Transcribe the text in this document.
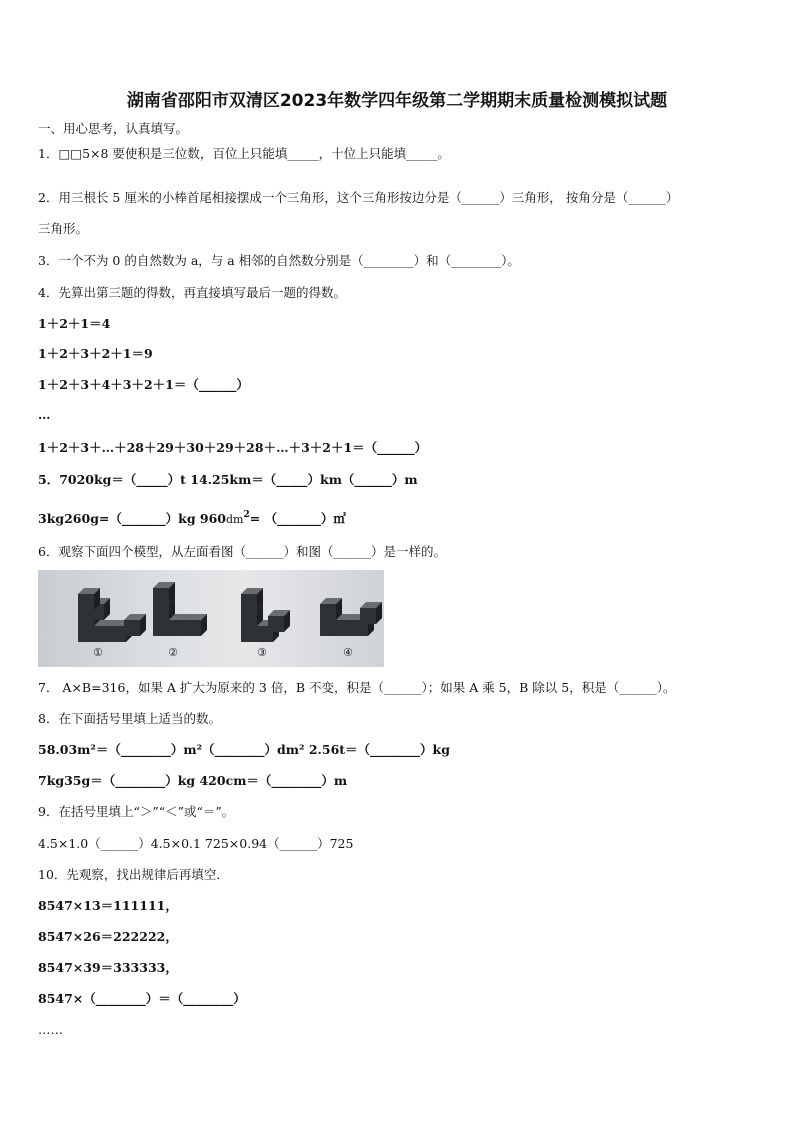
湖南省邵阳市双清区2023年数学四年级第二学期期末质量检测模拟试题
一、用心思考，认真填写。
1．□□5×8 要使积是三位数，百位上只能填_____，十位上只能填_____。
2．用三根长 5 厘米的小棒首尾相接摆成一个三角形，这个三角形按边分是（______）三角形， 按角分是（______）
三角形。
3．一个不为 0 的自然数为 a，与 a 相邻的自然数分别是（________）和（________）。
4．先算出第三题的得数，再直接填写最后一题的得数。
1＋2＋1＝4
1＋2＋3＋2＋1＝9
1＋2＋3＋4＋3＋2＋1＝（______）
…
1＋2＋3＋…＋28＋29＋30＋29＋28＋…＋3＋2＋1＝（______）
5．7020kg＝（_____）t 14.25km＝（_____）km（______）m
3kg260g=（_______）kg $960dm^2=$ （_______）㎡
6．观察下面四个模型，从左面看图（______）和图（______）是一样的。
①	②	③	④
7． A×B=316，如果 A 扩大为原来的 3 倍，B 不变，积是（______）；如果 A 乘 5，B 除以 5，积是（______）。
8．在下面括号里填上适当的数。
58.03m²＝（________）m²（________）dm² 2.56t＝（________）kg
7kg35g＝（________）kg 420cm＝（________）m
9．在括号里填上“＞”“＜”或“＝”。
4.5×1.0（______）4.5×0.1 725×0.94（______）725
10．先观察，找出规律后再填空．
8547×13＝111111，
8547×26＝222222，
8547×39＝333333，
8547×（________）＝（________）
……
